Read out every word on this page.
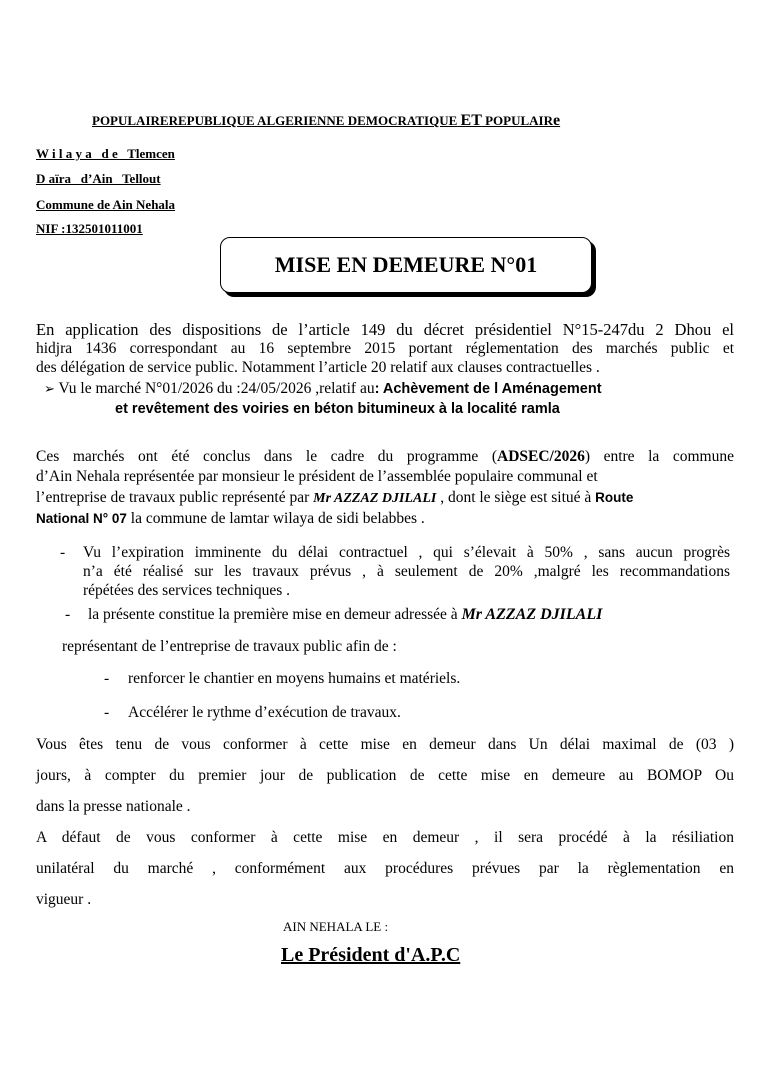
POPULAIREREPUBLIQUE ALGERIENNE DEMOCRATIQUE ET POPULAIRe
W i l a y a   d e   Tlemcen
D aïra   d’Ain   Tellout
Commune de Ain Nehala
NIF :132501011001
MISE EN DEMEURE N°01
En application des dispositions de l’article 149 du décret présidentiel N°15-247du 2 Dhou el
hidjra 1436 correspondant au 16 septembre 2015 portant réglementation des marchés public et
des délégation de service public. Notamment l’article 20 relatif aux clauses contractuelles .
➢ Vu le marché N°01/2026 du :24/05/2026 ,relatif au: Achèvement de l Aménagement
et revêtement des voiries en béton bitumineux à la localité ramla
Ces marchés ont été conclus dans le cadre du programme (ADSEC/2026) entre la commune
d’Ain Nehala représentée par monsieur le président de l’assemblée populaire communal et
l’entreprise de travaux public représenté par Mr AZZAZ DJILALI , dont le siège est situé à Route
National N° 07 la commune de lamtar wilaya de sidi belabbes .
- Vu l’expiration imminente du délai contractuel , qui s’élevait à 50% , sans aucun progrès
n’a été réalisé sur les travaux prévus , à seulement de 20% ,malgré les recommandations
répétées des services techniques .
- la présente constitue la première mise en demeur adressée à Mr AZZAZ DJILALI
représentant de l’entreprise de travaux public afin de :
- renforcer le chantier en moyens humains et matériels.
- Accélérer le rythme d’exécution de travaux.
Vous êtes tenu de vous conformer à cette mise en demeur dans Un délai maximal de (03 )
jours, à compter du premier jour de publication de cette mise en demeure au BOMOP Ou
dans la presse nationale .
A défaut de vous conformer à cette mise en demeur , il sera procédé à la résiliation
unilatéral du marché , conformément aux procédures prévues par la règlementation en
vigueur .
AIN NEHALA LE :
Le Président d'A.P.C
